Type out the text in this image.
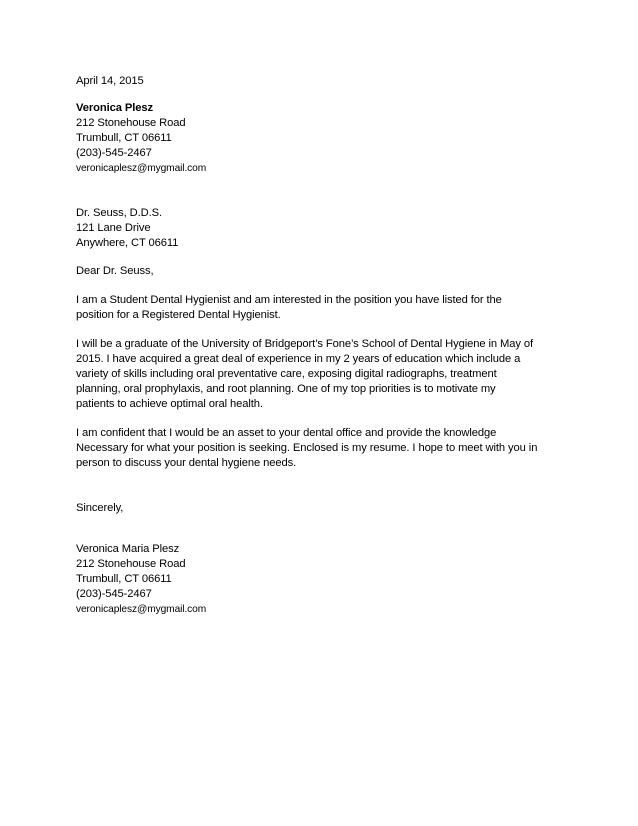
April 14, 2015
Veronica Plesz
212 Stonehouse Road
Trumbull, CT 06611
(203)-545-2467
veronicaplesz@mygmail.com
Dr. Seuss, D.D.S.
121 Lane Drive
Anywhere, CT 06611
Dear Dr. Seuss,
I am a Student Dental Hygienist and am interested in the position you have listed for the
position for a Registered Dental Hygienist.
I will be a graduate of the University of Bridgeport’s Fone’s School of Dental Hygiene in May of
2015. I have acquired a great deal of experience in my 2 years of education which include a
variety of skills including oral preventative care, exposing digital radiographs, treatment
planning, oral prophylaxis, and root planning. One of my top priorities is to motivate my
patients to achieve optimal oral health.
I am confident that I would be an asset to your dental office and provide the knowledge
Necessary for what your position is seeking. Enclosed is my resume. I hope to meet with you in
person to discuss your dental hygiene needs.
Sincerely,
Veronica Maria Plesz
212 Stonehouse Road
Trumbull, CT 06611
(203)-545-2467
veronicaplesz@mygmail.com
